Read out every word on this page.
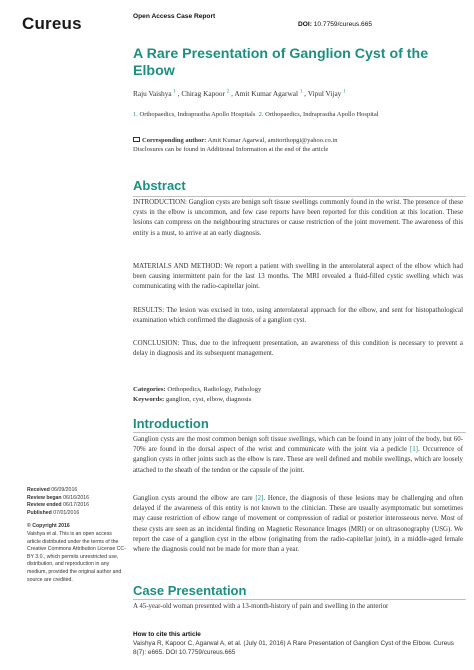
Cureus	Open Access Case Report
DOI: 10.7759/cureus.665
A Rare Presentation of Ganglion Cyst of the Elbow
Raju Vaishya $^1$ , Chirag Kapoor $^2$ , Amit Kumar Agarwal $^1$ , Vipul Vijay $^1$
1. Orthopaedics, Indraprastha Apollo Hospitals 2. Orthopaedics, Indraprastha Apollo Hospital
Corresponding author: Amit Kumar Agarwal, amitorthopgi@yahoo.co.in
Disclosures can be found in Additional Information at the end of the article
Abstract

INTRODUCTION: Ganglion cysts are benign soft tissue swellings commonly found in the wrist. The presence of these cysts in the elbow is uncommon, and few case reports have been reported for this condition at this location. These lesions can compress on the neighbouring structures or cause restriction of the joint movement. The awareness of this entity is a must, to arrive at an early diagnosis.

MATERIALS AND METHOD: We report a patient with swelling in the anterolateral aspect of the elbow which had been causing intermittent pain for the last 13 months. The MRI revealed a fluid-filled cystic swelling which was communicating with the radio-capitellar joint.

RESULTS: The lesion was excised in toto, using anterolateral approach for the elbow, and sent for histopathological examination which confirmed the diagnosis of a ganglion cyst.

CONCLUSION: Thus, due to the infrequent presentation, an awareness of this condition is necessary to prevent a delay in diagnosis and its subsequent management.

Categories: Orthopedics, Radiology, Pathology
Keywords: ganglion, cyst, elbow, diagnosis
Introduction

Ganglion cysts are the most common benign soft tissue swellings, which can be found in any joint of the body, but 60-70% are found in the dorsal aspect of the wrist and communicate with the joint via a pedicle [1]. Occurrence of ganglion cysts in other joints such as the elbow is rare. These are well defined and mobile swellings, which are loosely attached to the sheath of the tendon or the capsule of the joint.

Ganglion cysts around the elbow are rare [2]. Hence, the diagnosis of these lesions may be challenging and often delayed if the awareness of this entity is not known to the clinician. These are usually asymptomatic but sometimes may cause restriction of elbow range of movement or compression of radial or posterior interosseous nerve. Most of these cysts are seen as an incidental finding on Magnetic Resonance Images (MRI) or on ultrasonography (USG). We report the case of a ganglion cyst in the elbow (originating from the radio-capitellar joint), in a middle-aged female where the diagnosis could not be made for more than a year.

Case Presentation

A 45-year-old woman presented with a 13-month-history of pain and swelling in the anterior

Received 06/09/2016
Review began 06/16/2016
Review ended 06/17/2016
Published 07/01/2016
© Copyright 2016
Vaishya et al. This is an open access article distributed under the terms of the Creative Commons Attribution License CC-BY 3.0., which permits unrestricted use, distribution, and reproduction in any medium, provided the original author and source are credited.
How to cite this article
Vaishya R, Kapoor C, Agarwal A, et al. (July 01, 2016) A Rare Presentation of Ganglion Cyst of the Elbow. Cureus 8(7): e665. DOI 10.7759/cureus.665
